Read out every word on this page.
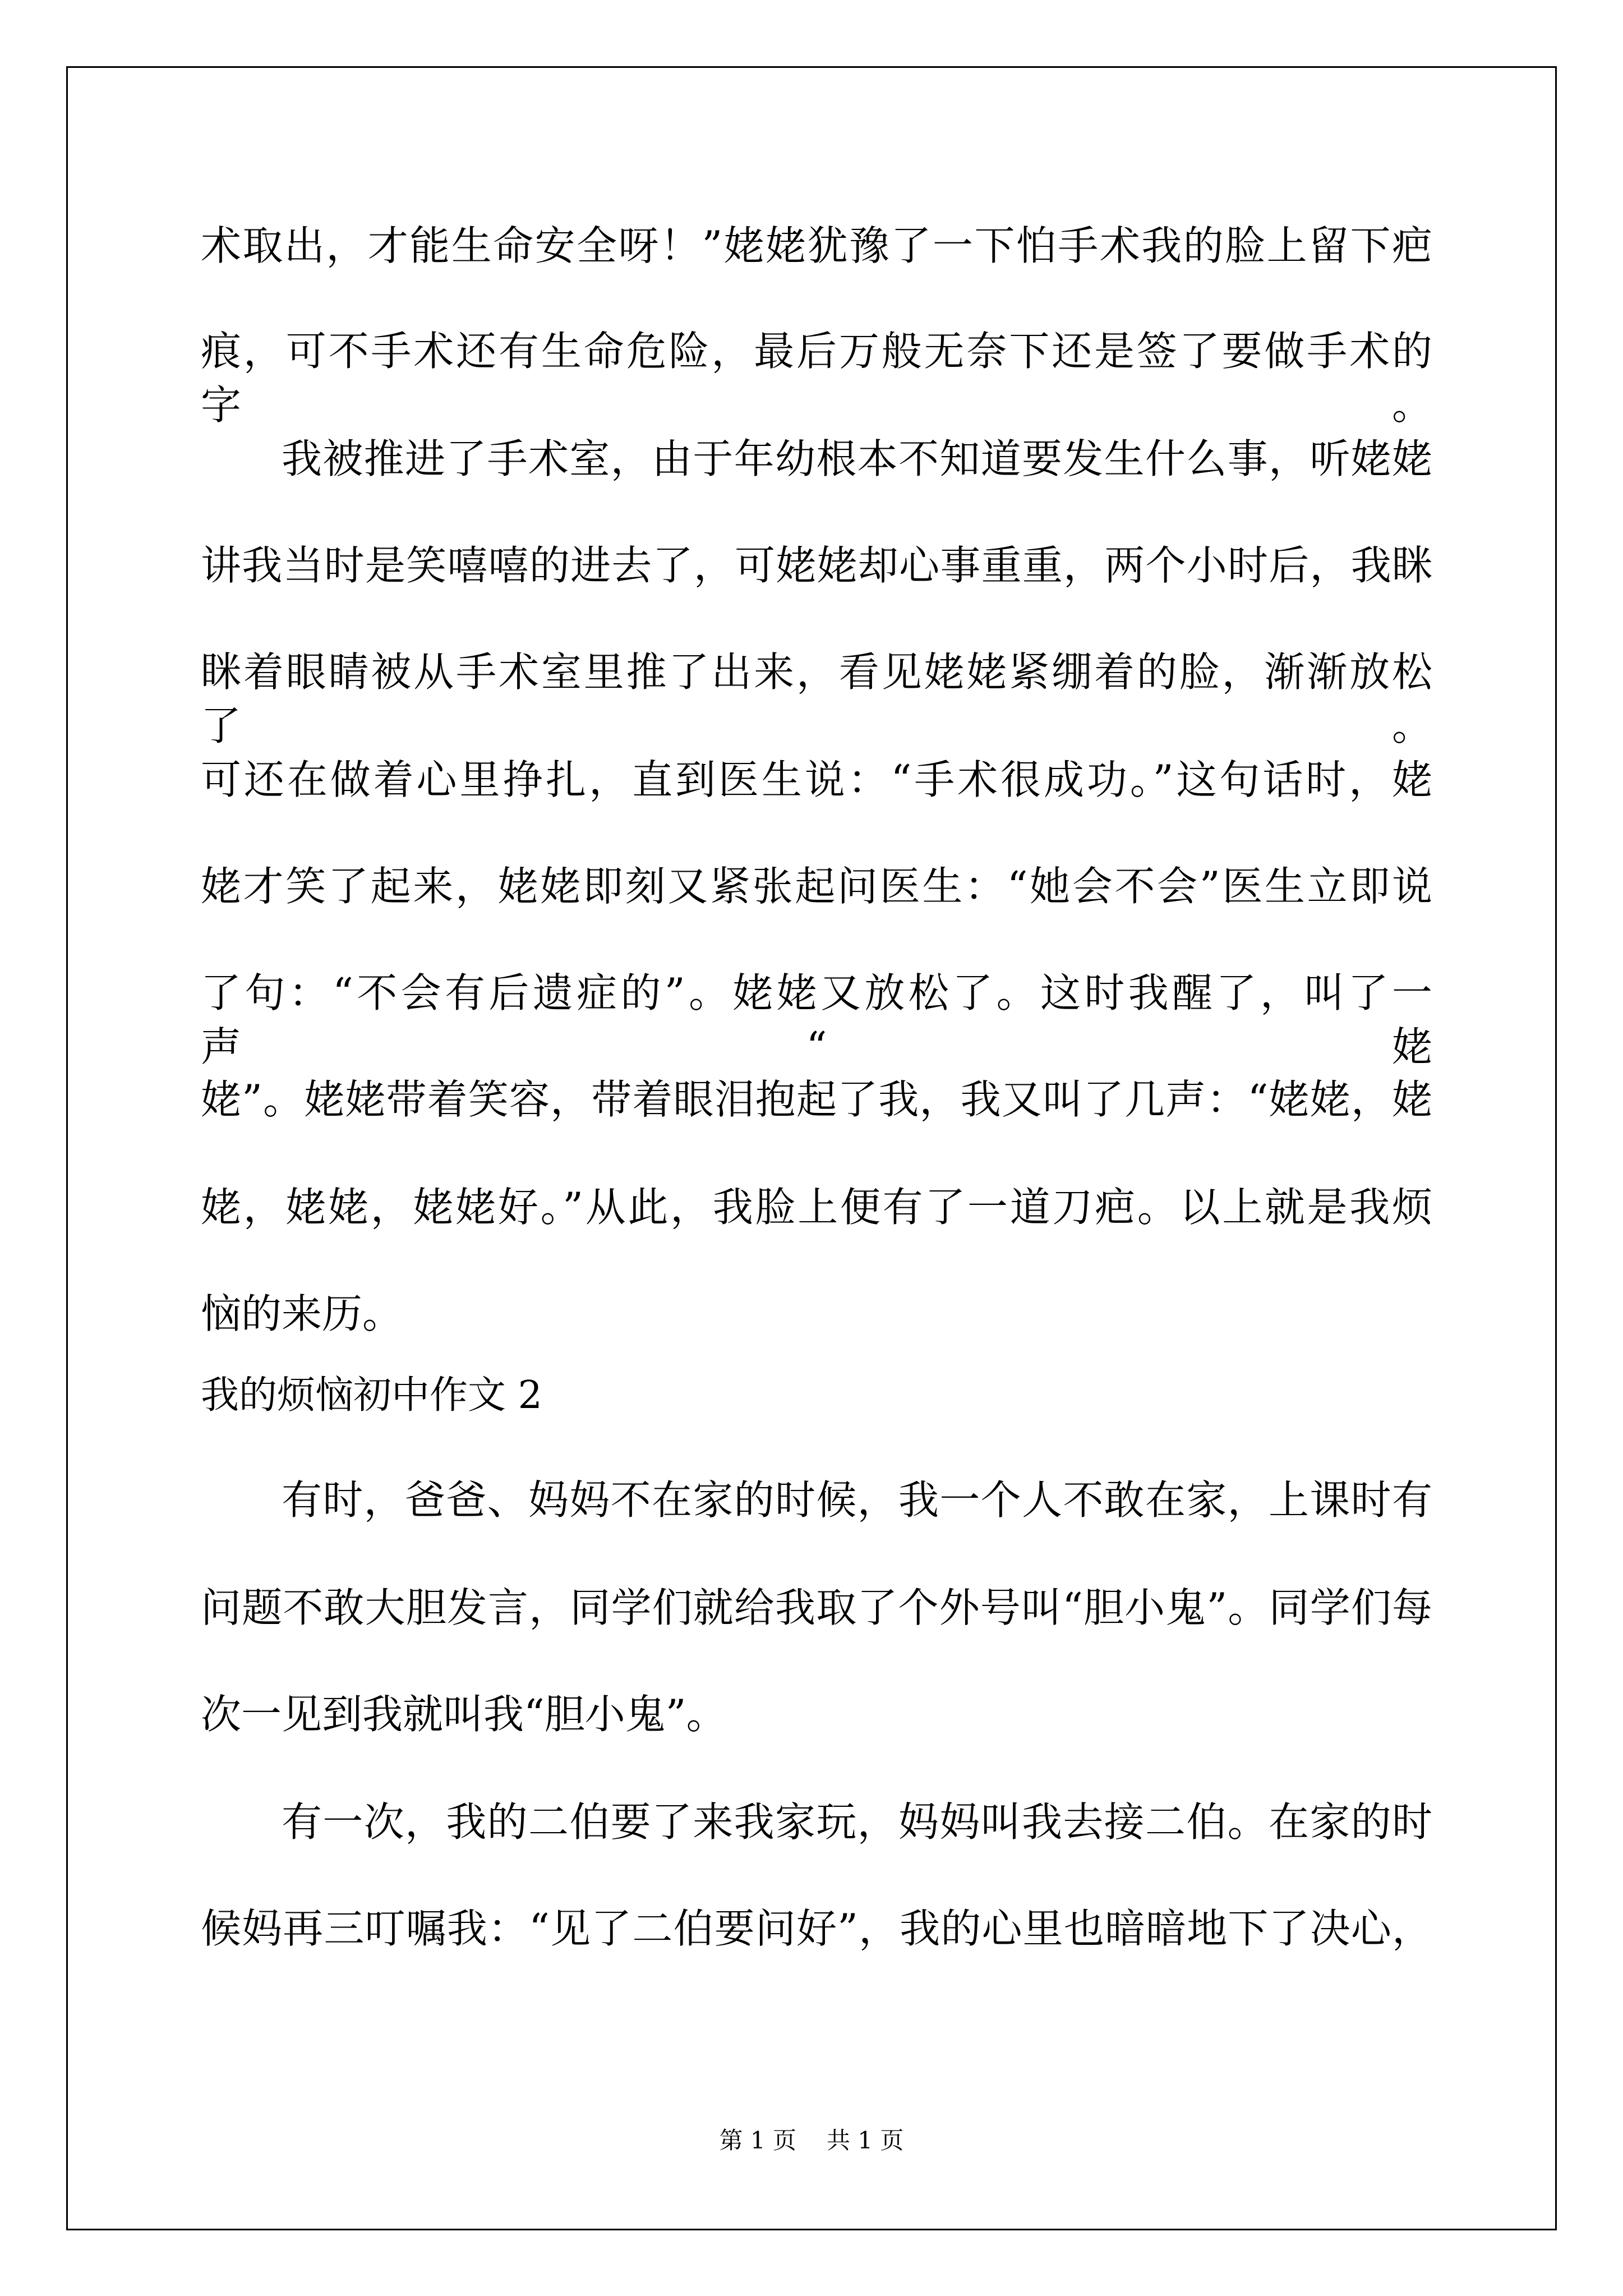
术取出，才能生命安全呀！”姥姥犹豫了一下怕手术我的脸上留下疤
痕，可不手术还有生命危险，最后万般无奈下还是签了要做手术的字。
我被推进了手术室，由于年幼根本不知道要发生什么事，听姥姥
讲我当时是笑嘻嘻的进去了，可姥姥却心事重重，两个小时后，我眯
眯着眼睛被从手术室里推了出来，看见姥姥紧绷着的脸，渐渐放松了。
可还在做着心里挣扎，直到医生说：“手术很成功。”这句话时，姥
姥才笑了起来，姥姥即刻又紧张起问医生：“她会不会”医生立即说
了句：“不会有后遗症的”。姥姥又放松了。这时我醒了，叫了一声“姥
姥”。姥姥带着笑容，带着眼泪抱起了我，我又叫了几声：“姥姥，姥
姥，姥姥，姥姥好。”从此，我脸上便有了一道刀疤。以上就是我烦
恼的来历。
我的烦恼初中作文 2
有时，爸爸、妈妈不在家的时候，我一个人不敢在家，上课时有
问题不敢大胆发言，同学们就给我取了个外号叫“胆小鬼”。同学们每
次一见到我就叫我“胆小鬼”。
有一次，我的二伯要了来我家玩，妈妈叫我去接二伯。在家的时
候妈再三叮嘱我：“见了二伯要问好”，我的心里也暗暗地下了决心，
第 1 页 共 1 页
